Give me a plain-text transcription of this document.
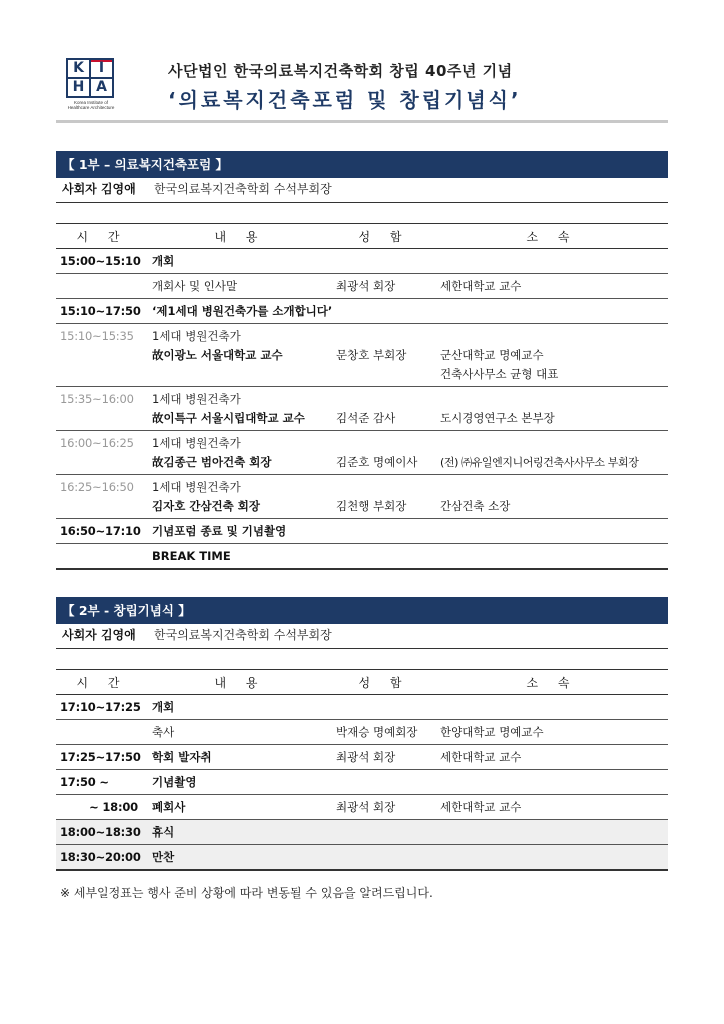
K	I
H A
Korea Institute of
Healthcare Architecture
사단법인 한국의료복지건축학회 창립 40주년 기념
‘의료복지건축포럼 및 창립기념식’
【 1부 – 의료복지건축포럼 】
사회자 김영애 한국의료복지건축학회 수석부회장
시 간	내 용	성 함	소 속
15:00~15:10	개회		
	개회사 및 인사말	최광석 회장	세한대학교 교수
15:10~17:50	‘제1세대 병원건축가를 소개합니다’		
15:10~15:35	1세대 병원건축가
故이광노 서울대학교 교수	문창호 부회장	군산대학교 명예교수
건축사사무소 균형 대표

15:35~16:00	1세대 병원건축가
故이특구 서울시립대학교 교수	김석준 감사	도시경영연구소 본부장
16:00~16:25	1세대 병원건축가
故김종근 범아건축 회장	김준호 명예이사	(전) ㈜유일엔지니어링건축사사무소 부회장
16:25~16:50	1세대 병원건축가
김자호 간삼건축 회장	김천행 부회장	간삼건축 소장
16:50~17:10	기념포럼 종료 및 기념촬영		
	BREAK TIME		
【 2부 - 창립기념식 】
사회자 김영애 한국의료복지건축학회 수석부회장
시 간	내 용	성 함	소 속
17:10~17:25	개회		
	축사	박재승 명예회장	한양대학교 명예교수
17:25~17:50	학회 발자취	최광석 회장	세한대학교 교수
17:50 ~	기념촬영		
~ 18:00	폐회사	최광석 회장	세한대학교 교수
18:00~18:30	휴식		
18:30~20:00	만찬		
※ 세부일정표는 행사 준비 상황에 따라 변동될 수 있음을 알려드립니다.
